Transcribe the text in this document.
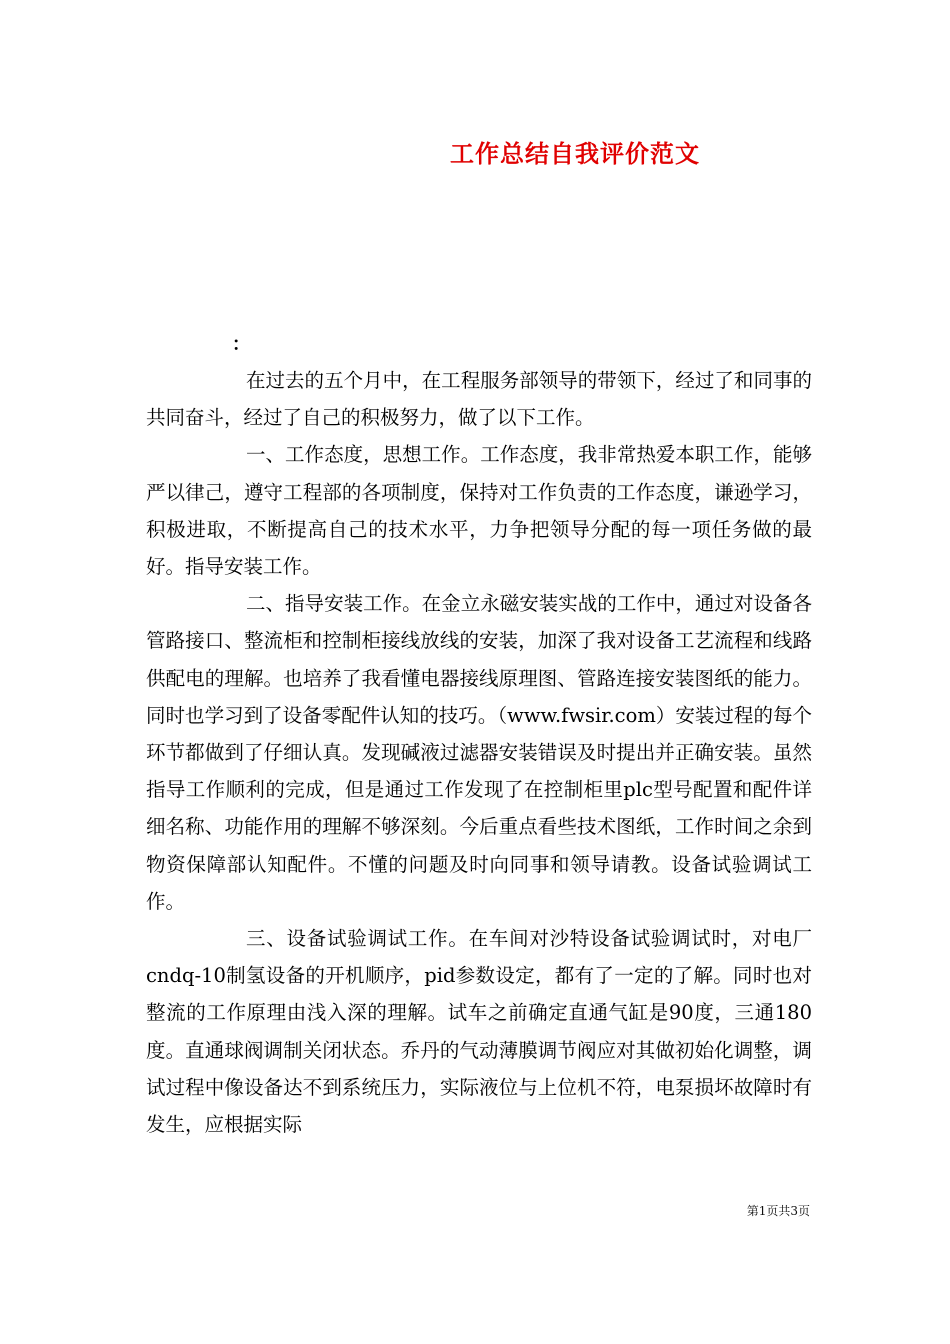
工作总结自我评价范文
：

在过去的五个月中，在工程服务部领导的带领下，经过了和同事的共同奋斗，经过了自己的积极努力，做了以下工作。

一、工作态度，思想工作。工作态度，我非常热爱本职工作，能够严以律己，遵守工程部的各项制度，保持对工作负责的工作态度，谦逊学习，积极进取，不断提高自己的技术水平，力争把领导分配的每一项任务做的最好。指导安装工作。

二、指导安装工作。在金立永磁安装实战的工作中，通过对设备各管路接口、整流柜和控制柜接线放线的安装，加深了我对设备工艺流程和线路供配电的理解。也培养了我看懂电器接线原理图、管路连接安装图纸的能力。同时也学习到了设备零配件认知的技巧。（www.fwsir.com）安装过程的每个环节都做到了仔细认真。发现碱液过滤器安装错误及时提出并正确安装。虽然指导工作顺利的完成，但是通过工作发现了在控制柜里plc型号配置和配件详细名称、功能作用的理解不够深刻。今后重点看些技术图纸，工作时间之余到物资保障部认知配件。不懂的问题及时向同事和领导请教。设备试验调试工作。

三、设备试验调试工作。在车间对沙特设备试验调试时，对电厂cndq-10制氢设备的开机顺序，pid参数设定，都有了一定的了解。同时也对整流的工作原理由浅入深的理解。试车之前确定直通气缸是90度，三通180度。直通球阀调制关闭状态。乔丹的气动薄膜调节阀应对其做初始化调整，调试过程中像设备达不到系统压力，实际液位与上位机不符，电泵损坏故障时有发生，应根据实际

第1页共3页
